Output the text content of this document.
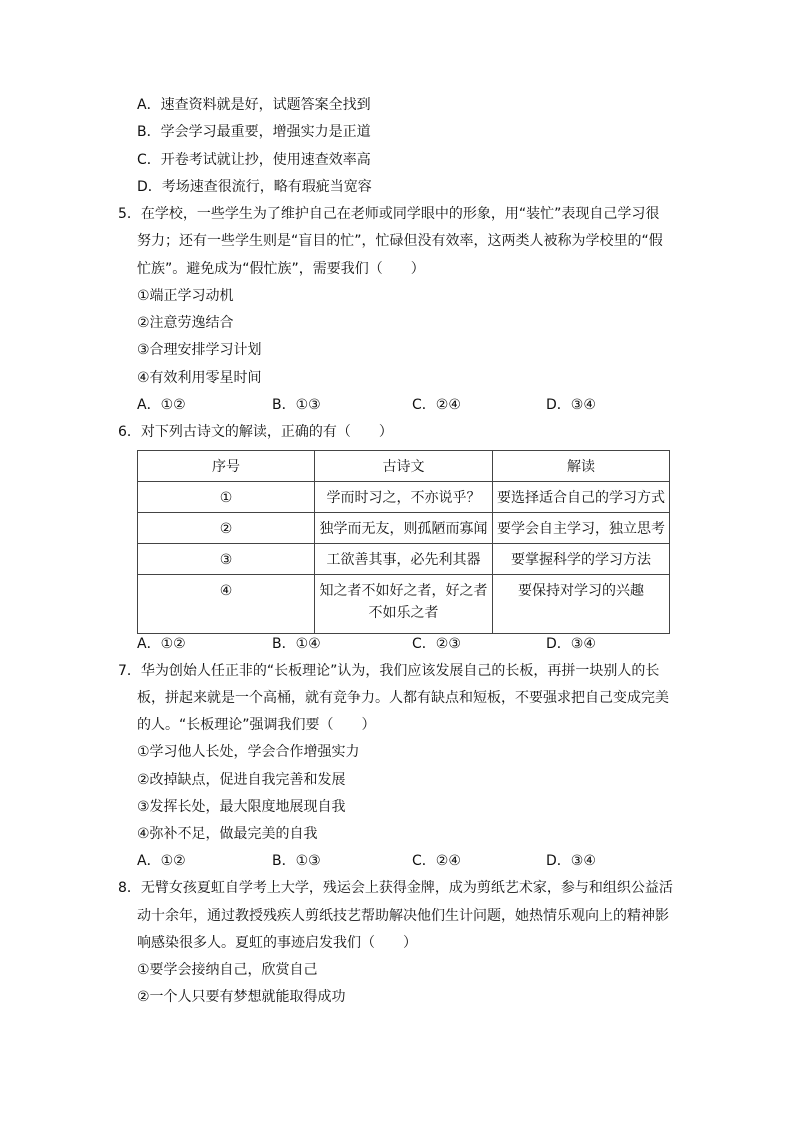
A．速查资料就是好，试题答案全找到
B．学会学习最重要，增强实力是正道
C．开卷考试就让抄，使用速查效率高
D．考场速查很流行，略有瑕疵当宽容
5．在学校，一些学生为了维护自己在老师或同学眼中的形象，用“装忙”表现自己学习很
努力；还有一些学生则是“盲目的忙”，忙碌但没有效率，这两类人被称为学校里的“假
忙族”。避免成为“假忙族”，需要我们（　　）
①端正学习动机
②注意劳逸结合
③合理安排学习计划
④有效利用零星时间
A．①②	B．①③	C．②④	D．③④
6．对下列古诗文的解读，正确的有（　　）
序号	古诗文	解读
①	学而时习之，不亦说乎？	要选择适合自己的学习方式
②	独学而无友，则孤陋而寡闻	要学会自主学习，独立思考
③	工欲善其事，必先利其器	要掌握科学的学习方法
④	知之者不如好之者，好之者
不如乐之者	要保持对学习的兴趣
A．①②	B．①④	C．②③	D．③④
7．华为创始人任正非的“长板理论”认为，我们应该发展自己的长板，再拼一块别人的长
板，拼起来就是一个高桶，就有竞争力。人都有缺点和短板，不要强求把自己变成完美
的人。“长板理论”强调我们要（　　）
①学习他人长处，学会合作增强实力
②改掉缺点，促进自我完善和发展
③发挥长处，最大限度地展现自我
④弥补不足，做最完美的自我
A．①②	B．①③	C．②④	D．③④
8．无臂女孩夏虹自学考上大学，残运会上获得金牌，成为剪纸艺术家，参与和组织公益活
动十余年，通过教授残疾人剪纸技艺帮助解决他们生计问题，她热情乐观向上的精神影
响感染很多人。夏虹的事迹启发我们（　　）
①要学会接纳自己，欣赏自己
②一个人只要有梦想就能取得成功
